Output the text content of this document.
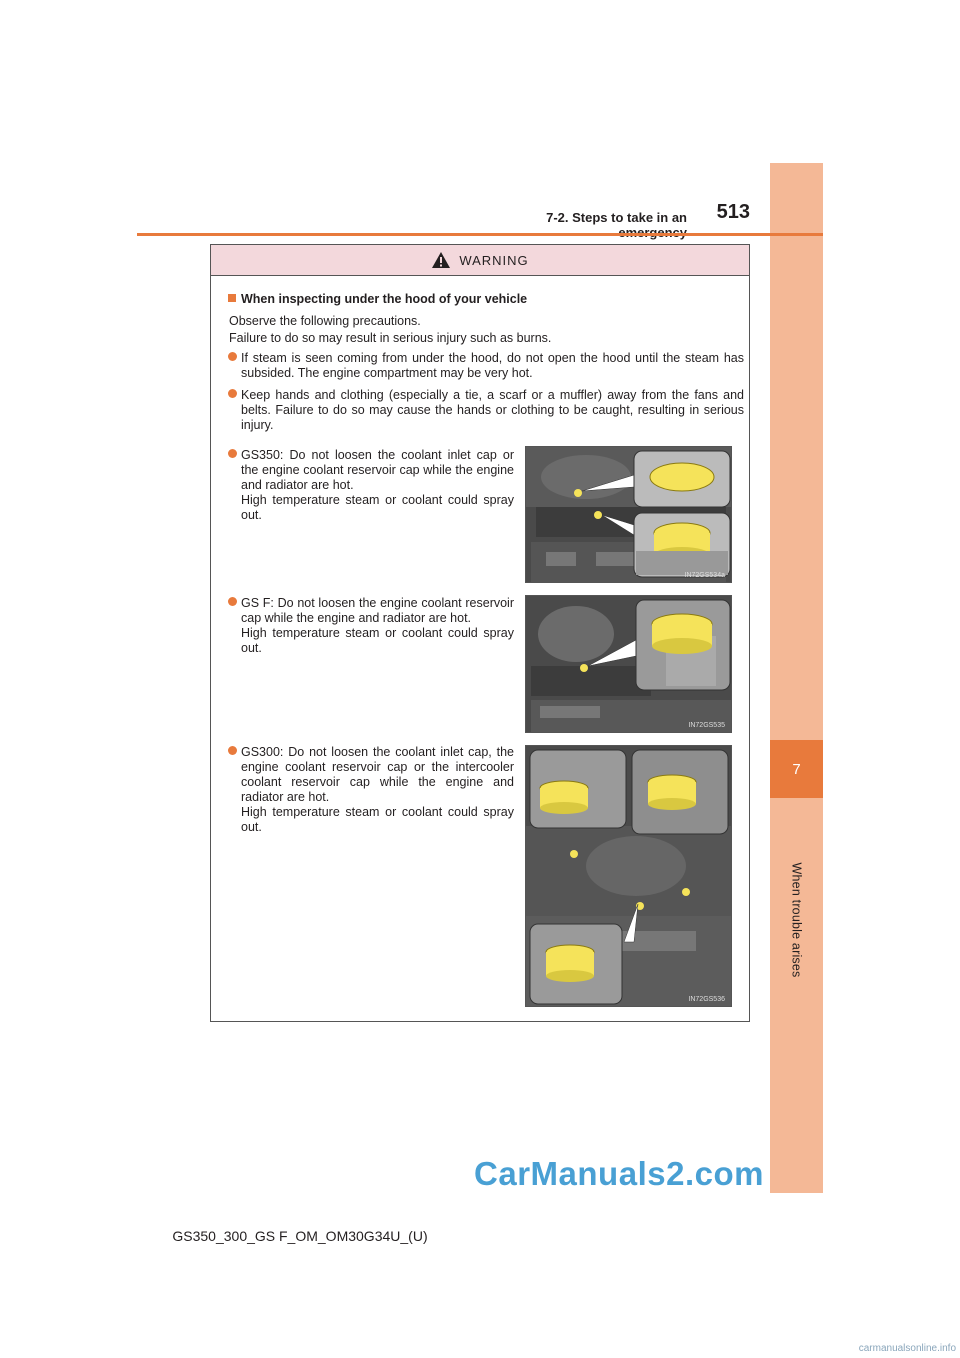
7
When trouble arises
7-2. Steps to take in an	513
WARNING
When inspecting under the hood of your vehicle
Observe the following precautions.
Failure to do so may result in serious injury such as burns.
If steam is seen coming from under the hood, do not open the hood until the steam has subsided. The engine compartment may be very hot.
Keep hands and clothing (especially a tie, a scarf or a muffler) away from the fans and belts. Failure to do so may cause the hands or clothing to be caught, resulting in serious injury.
GS350: Do not loosen the coolant inlet cap or the engine coolant reservoir cap while the engine and radiator are hot.
High temperature steam or coolant could spray out.
IN72GS534a
GS F: Do not loosen the engine coolant reservoir cap while the engine and radiator are hot.
High temperature steam or coolant could spray out.
IN72GS535
GS300: Do not loosen the coolant inlet cap, the engine coolant reservoir cap or the intercooler coolant reservoir cap while the engine and radiator are hot.
High temperature steam or coolant could spray out.
IN72GS536
GS350_300_GS F_OM_OM30G34U_(U)
CarManuals2.com
carmanualsonline.info
